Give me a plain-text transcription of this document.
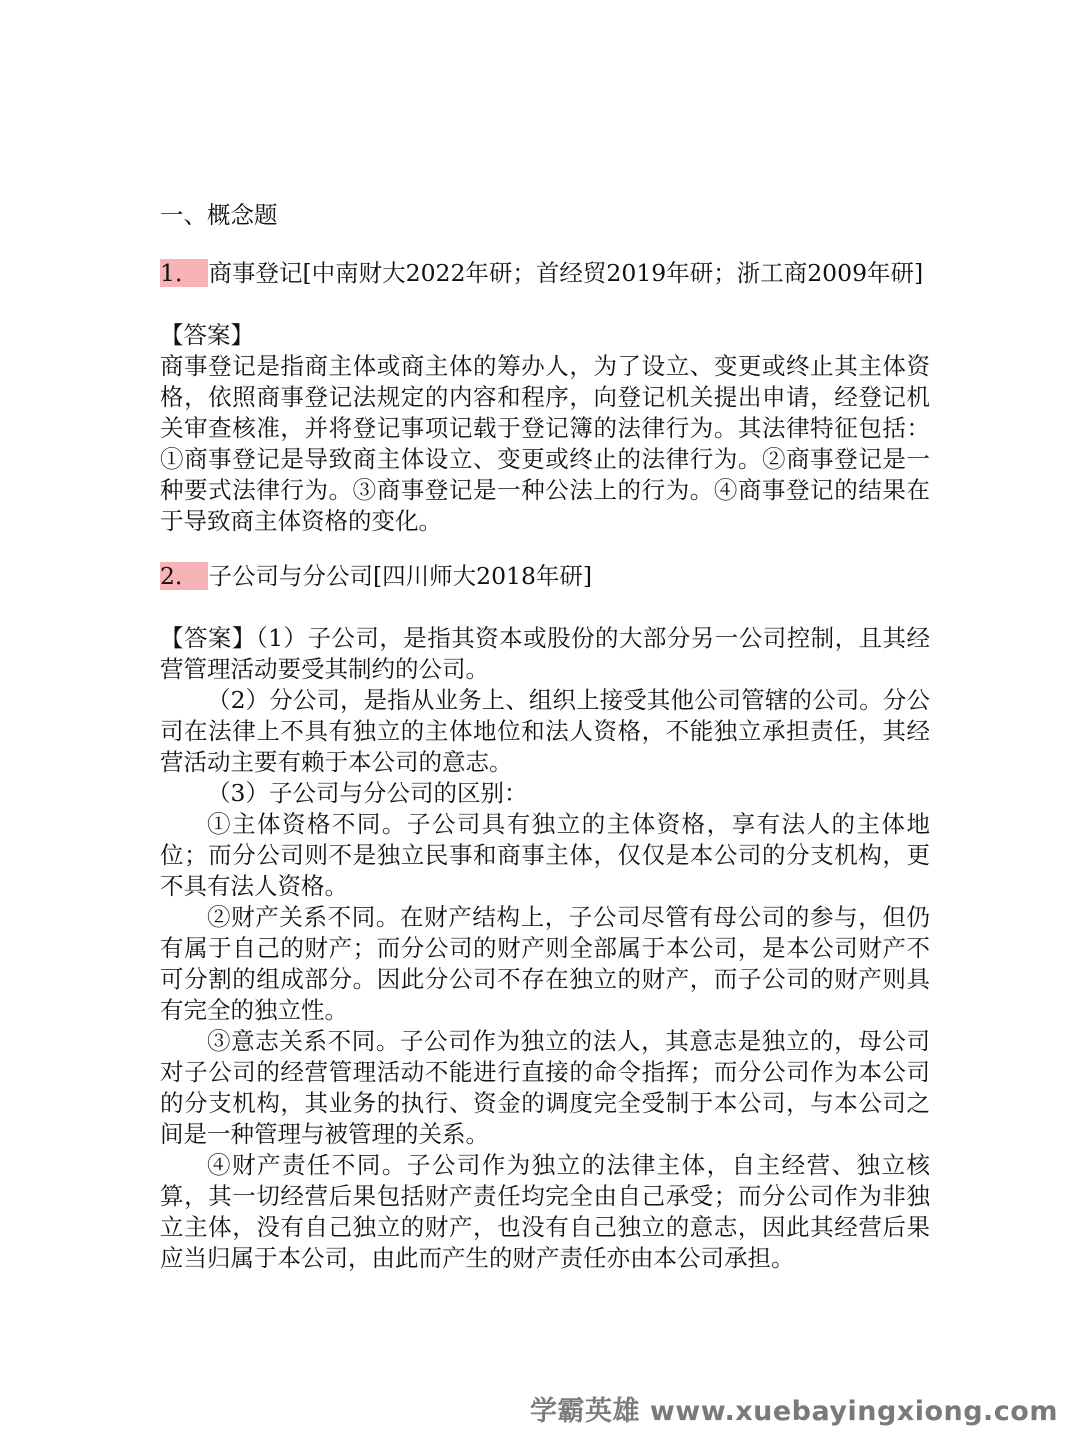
一、概念题
1． 商事登记[中南财大2022年研；首经贸2019年研；浙工商2009年研]
【答案】

商事登记是指商主体或商主体的筹办人，为了设立、变更或终止其主体资格，依照商事登记法规定的内容和程序，向登记机关提出申请，经登记机关审查核准，并将登记事项记载于登记簿的法律行为。其法律特征包括：①商事登记是导致商主体设立、变更或终止的法律行为。②商事登记是一种要式法律行为。③商事登记是一种公法上的行为。④商事登记的结果在于导致商主体资格的变化。

2． 子公司与分公司[四川师大2018年研]

【答案】（1）子公司，是指其资本或股份的大部分另一公司控制，且其经营管理活动要受其制约的公司。

（2）分公司，是指从业务上、组织上接受其他公司管辖的公司。分公司在法律上不具有独立的主体地位和法人资格，不能独立承担责任，其经营活动主要有赖于本公司的意志。

（3）子公司与分公司的区别：

①主体资格不同。子公司具有独立的主体资格，享有法人的主体地位；而分公司则不是独立民事和商事主体，仅仅是本公司的分支机构，更不具有法人资格。

②财产关系不同。在财产结构上，子公司尽管有母公司的参与，但仍有属于自己的财产；而分公司的财产则全部属于本公司，是本公司财产不可分割的组成部分。因此分公司不存在独立的财产，而子公司的财产则具有完全的独立性。

③意志关系不同。子公司作为独立的法人，其意志是独立的，母公司对子公司的经营管理活动不能进行直接的命令指挥；而分公司作为本公司的分支机构，其业务的执行、资金的调度完全受制于本公司，与本公司之间是一种管理与被管理的关系。

④财产责任不同。子公司作为独立的法律主体，自主经营、独立核算，其一切经营后果包括财产责任均完全由自己承受；而分公司作为非独立主体，没有自己独立的财产，也没有自己独立的意志，因此其经营后果应当归属于本公司，由此而产生的财产责任亦由本公司承担。

学霸英雄 www.xuebayingxiong.com
